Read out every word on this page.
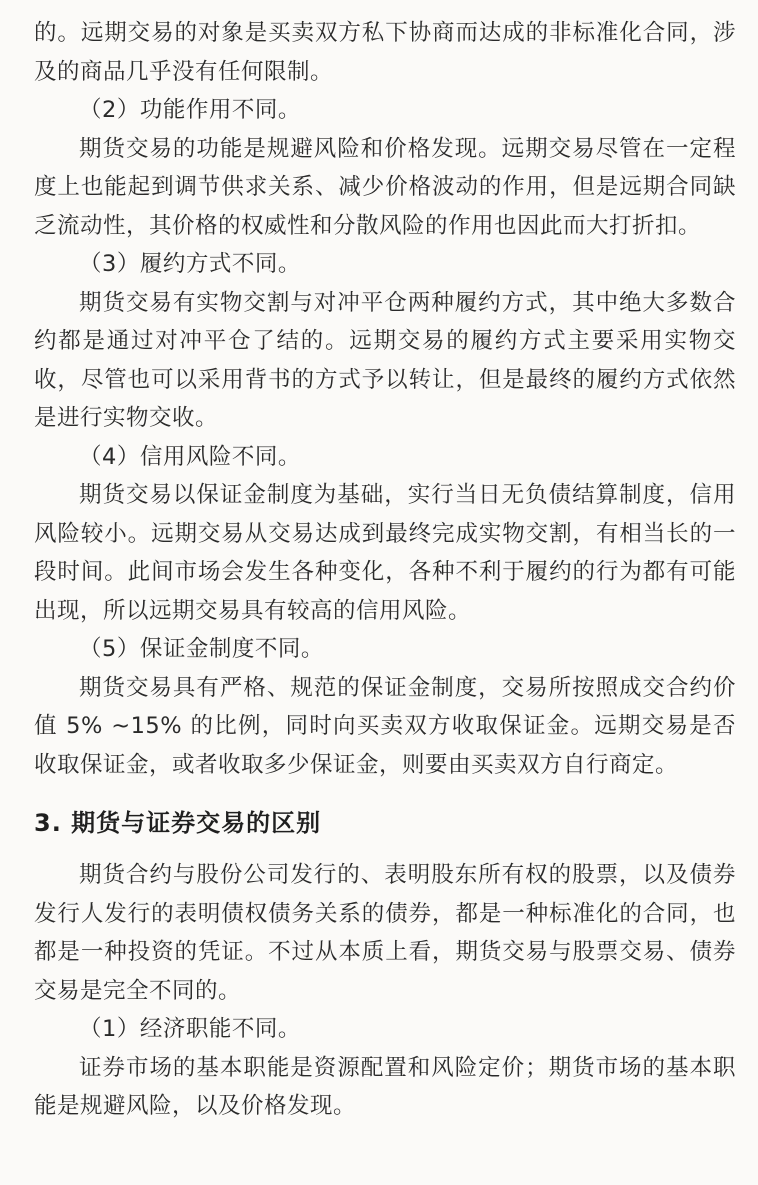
的。远期交易的对象是买卖双方私下协商而达成的非标准化合同，涉及的商品几乎没有任何限制。

（2）功能作用不同。

期货交易的功能是规避风险和价格发现。远期交易尽管在一定程度上也能起到调节供求关系、减少价格波动的作用，但是远期合同缺乏流动性，其价格的权威性和分散风险的作用也因此而大打折扣。

（3）履约方式不同。

期货交易有实物交割与对冲平仓两种履约方式，其中绝大多数合约都是通过对冲平仓了结的。远期交易的履约方式主要采用实物交收，尽管也可以采用背书的方式予以转让，但是最终的履约方式依然是进行实物交收。

（4）信用风险不同。

期货交易以保证金制度为基础，实行当日无负债结算制度，信用风险较小。远期交易从交易达成到最终完成实物交割，有相当长的一段时间。此间市场会发生各种变化，各种不利于履约的行为都有可能出现，所以远期交易具有较高的信用风险。

（5）保证金制度不同。

期货交易具有严格、规范的保证金制度，交易所按照成交合约价值 5% ~15% 的比例，同时向买卖双方收取保证金。远期交易是否收取保证金，或者收取多少保证金，则要由买卖双方自行商定。

3. 期货与证券交易的区别

期货合约与股份公司发行的、表明股东所有权的股票，以及债券发行人发行的表明债权债务关系的债券，都是一种标准化的合同，也都是一种投资的凭证。不过从本质上看，期货交易与股票交易、债券交易是完全不同的。

（1）经济职能不同。

证券市场的基本职能是资源配置和风险定价；期货市场的基本职能是规避风险，以及价格发现。
